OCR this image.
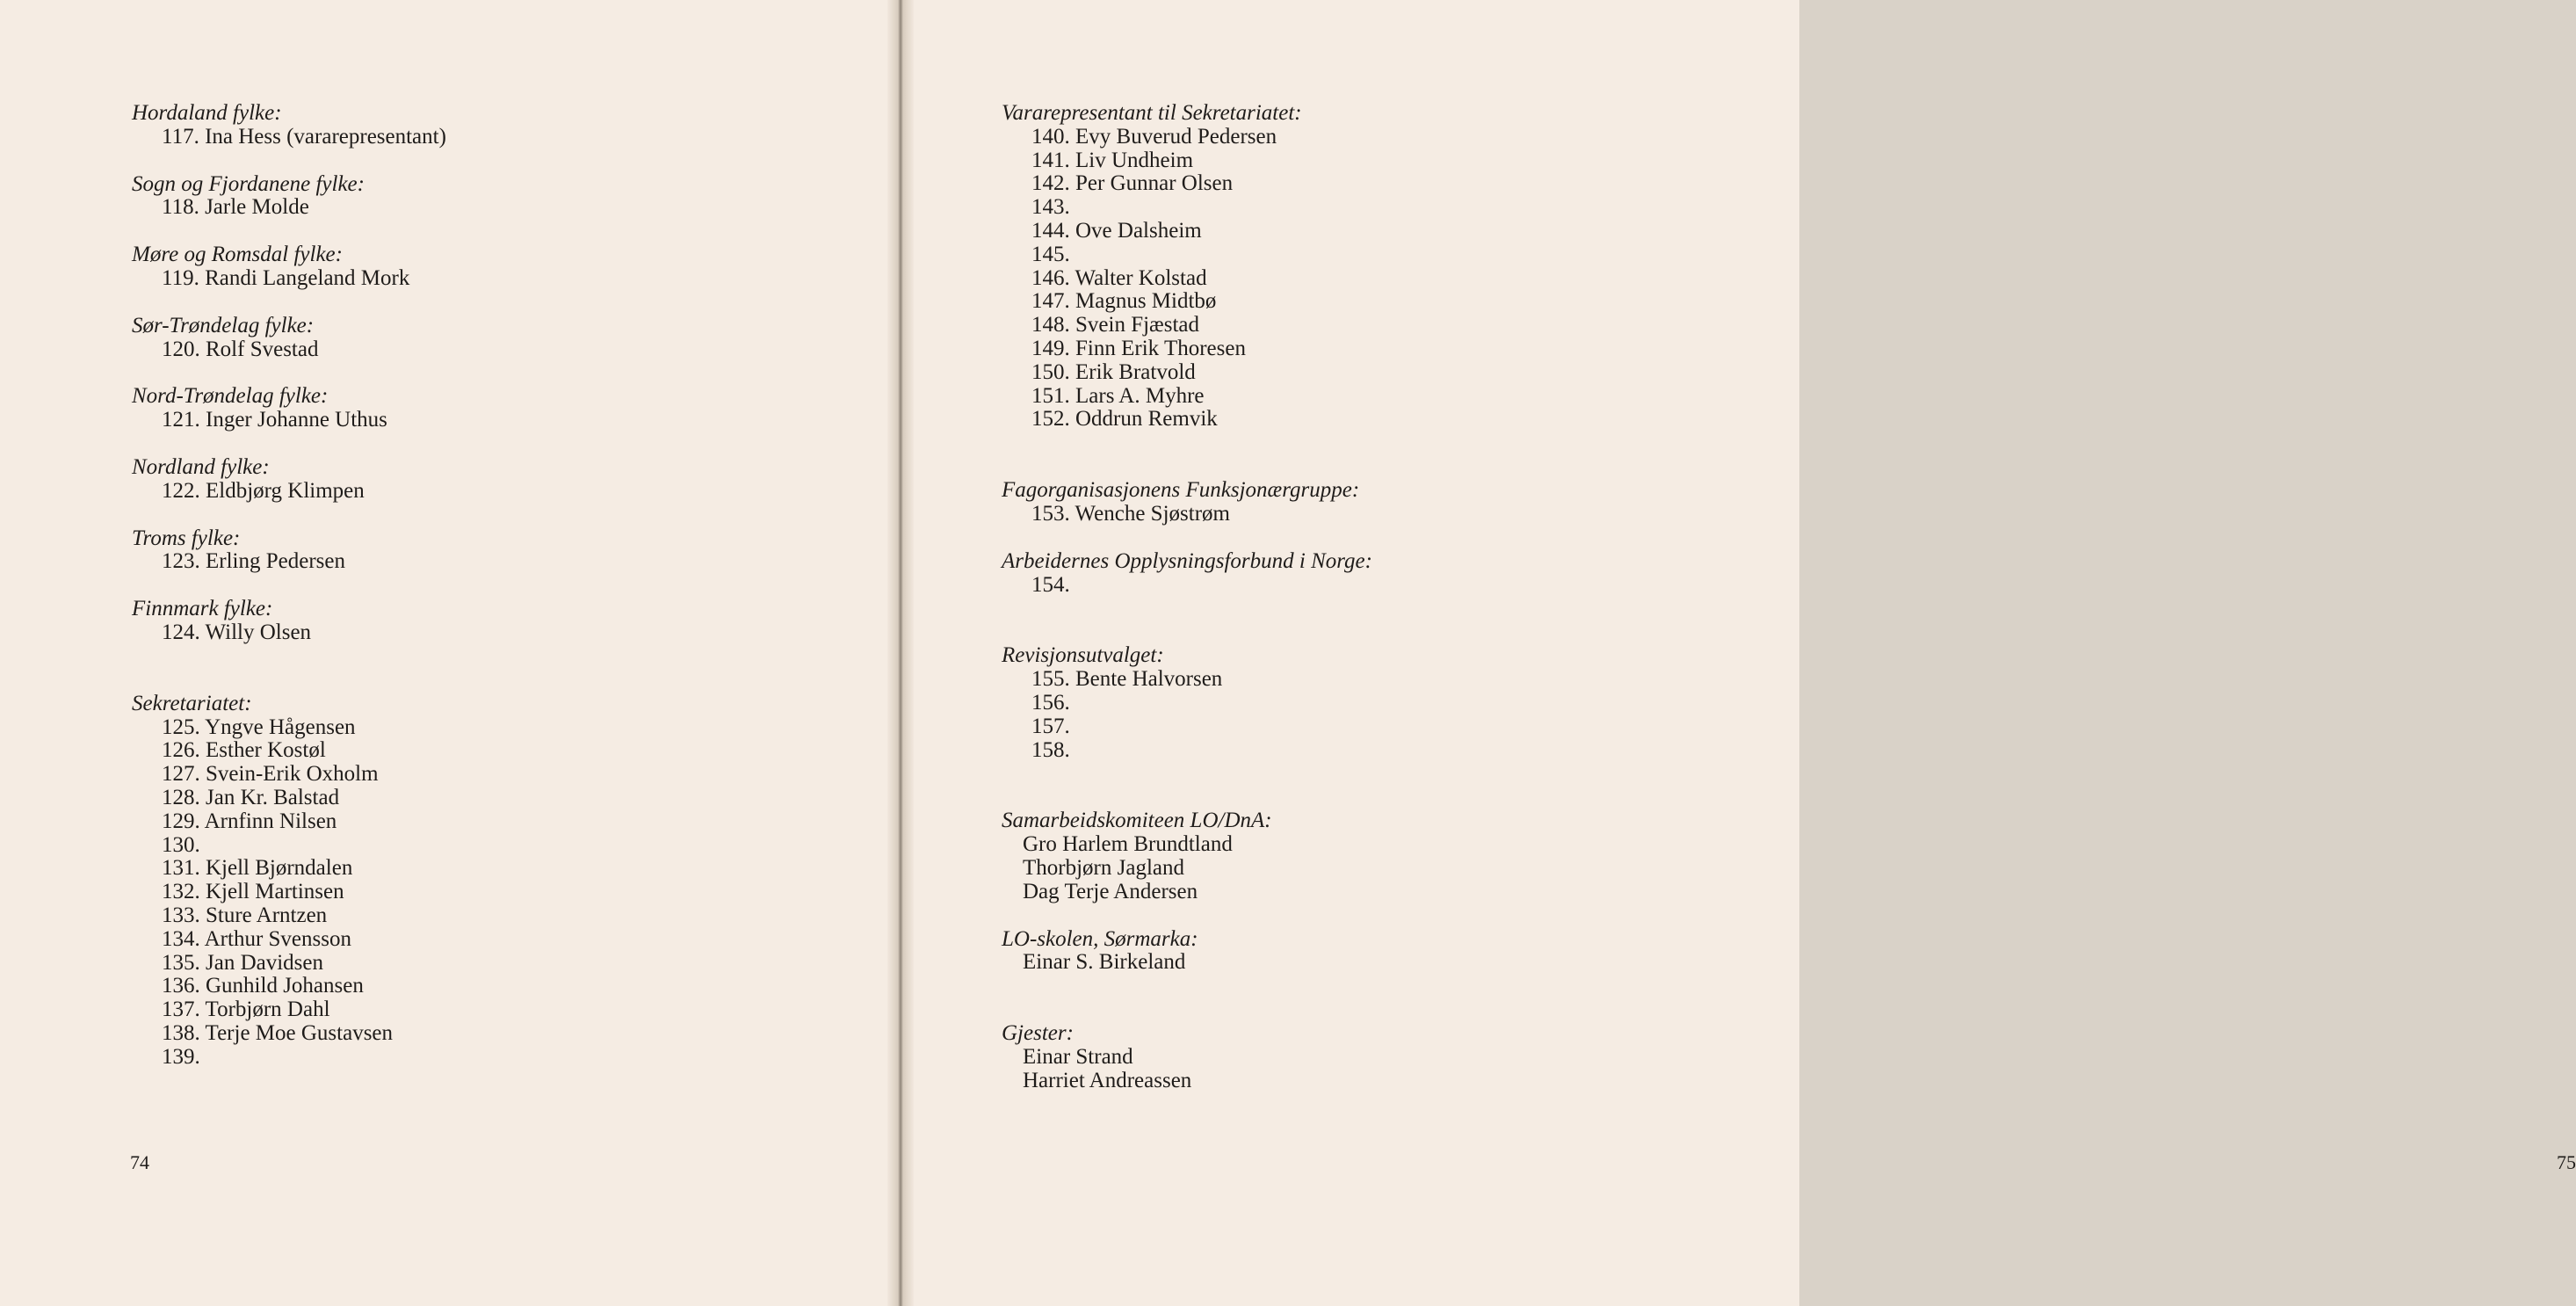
Hordaland fylke:
117. Ina Hess (vararepresentant)
Sogn og Fjordanene fylke:
118. Jarle Molde
Møre og Romsdal fylke:
119. Randi Langeland Mork
Sør-Trøndelag fylke:
120. Rolf Svestad
Nord-Trøndelag fylke:
121. Inger Johanne Uthus
Nordland fylke:
122. Eldbjørg Klimpen
Troms fylke:
123. Erling Pedersen
Finnmark fylke:
124. Willy Olsen
Sekretariatet:
125. Yngve Hågensen
126. Esther Kostøl
127. Svein-Erik Oxholm
128. Jan Kr. Balstad
129. Arnfinn Nilsen
130.
131. Kjell Bjørndalen
132. Kjell Martinsen
133. Sture Arntzen
134. Arthur Svensson
135. Jan Davidsen
136. Gunhild Johansen
137. Torbjørn Dahl
138. Terje Moe Gustavsen
139.
74	75
Vararepresentant til Sekretariatet:
140. Evy Buverud Pedersen
141. Liv Undheim
142. Per Gunnar Olsen
143.
144. Ove Dalsheim
145.
146. Walter Kolstad
147. Magnus Midtbø
148. Svein Fjæstad
149. Finn Erik Thoresen
150. Erik Bratvold
151. Lars A. Myhre
152. Oddrun Remvik
Fagorganisasjonens Funksjonærgruppe:
153. Wenche Sjøstrøm
Arbeidernes Opplysningsforbund i Norge:
154.
Revisjonsutvalget:
155. Bente Halvorsen
156.
157.
158.
Samarbeidskomiteen LO/DnA:
Gro Harlem Brundtland
Thorbjørn Jagland
Dag Terje Andersen
LO-skolen, Sørmarka:
Einar S. Birkeland
Gjester:
Einar Strand
Harriet Andreassen
